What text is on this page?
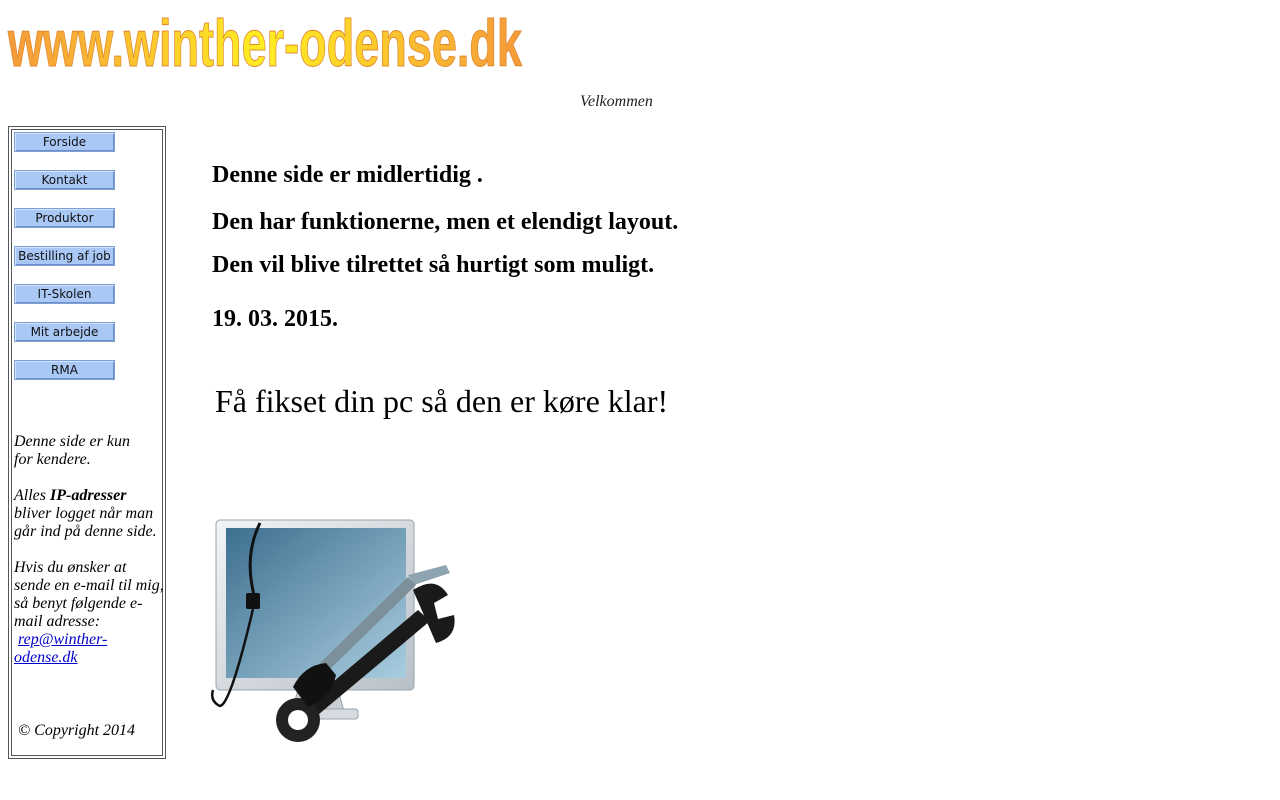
www.winther-odense.dk
Velkommen
Forside
Kontakt
Produktor
Bestilling af job
IT-Skolen
Mit arbejde
RMA

Denne side er kun
for kendere.

Alles IP-adresser
bliver logget når man går ind på denne side.

Hvis du ønsker at sende en e-mail til mig, så benyt følgende e-mail adresse:
rep@winther-odense.dk

© Copyright 2014
Denne side er midlertidig .
Den har funktionerne, men et elendigt layout.
Den vil blive tilrettet så hurtigt som muligt.
19. 03. 2015.

Få fikset din pc så den er køre klar!
